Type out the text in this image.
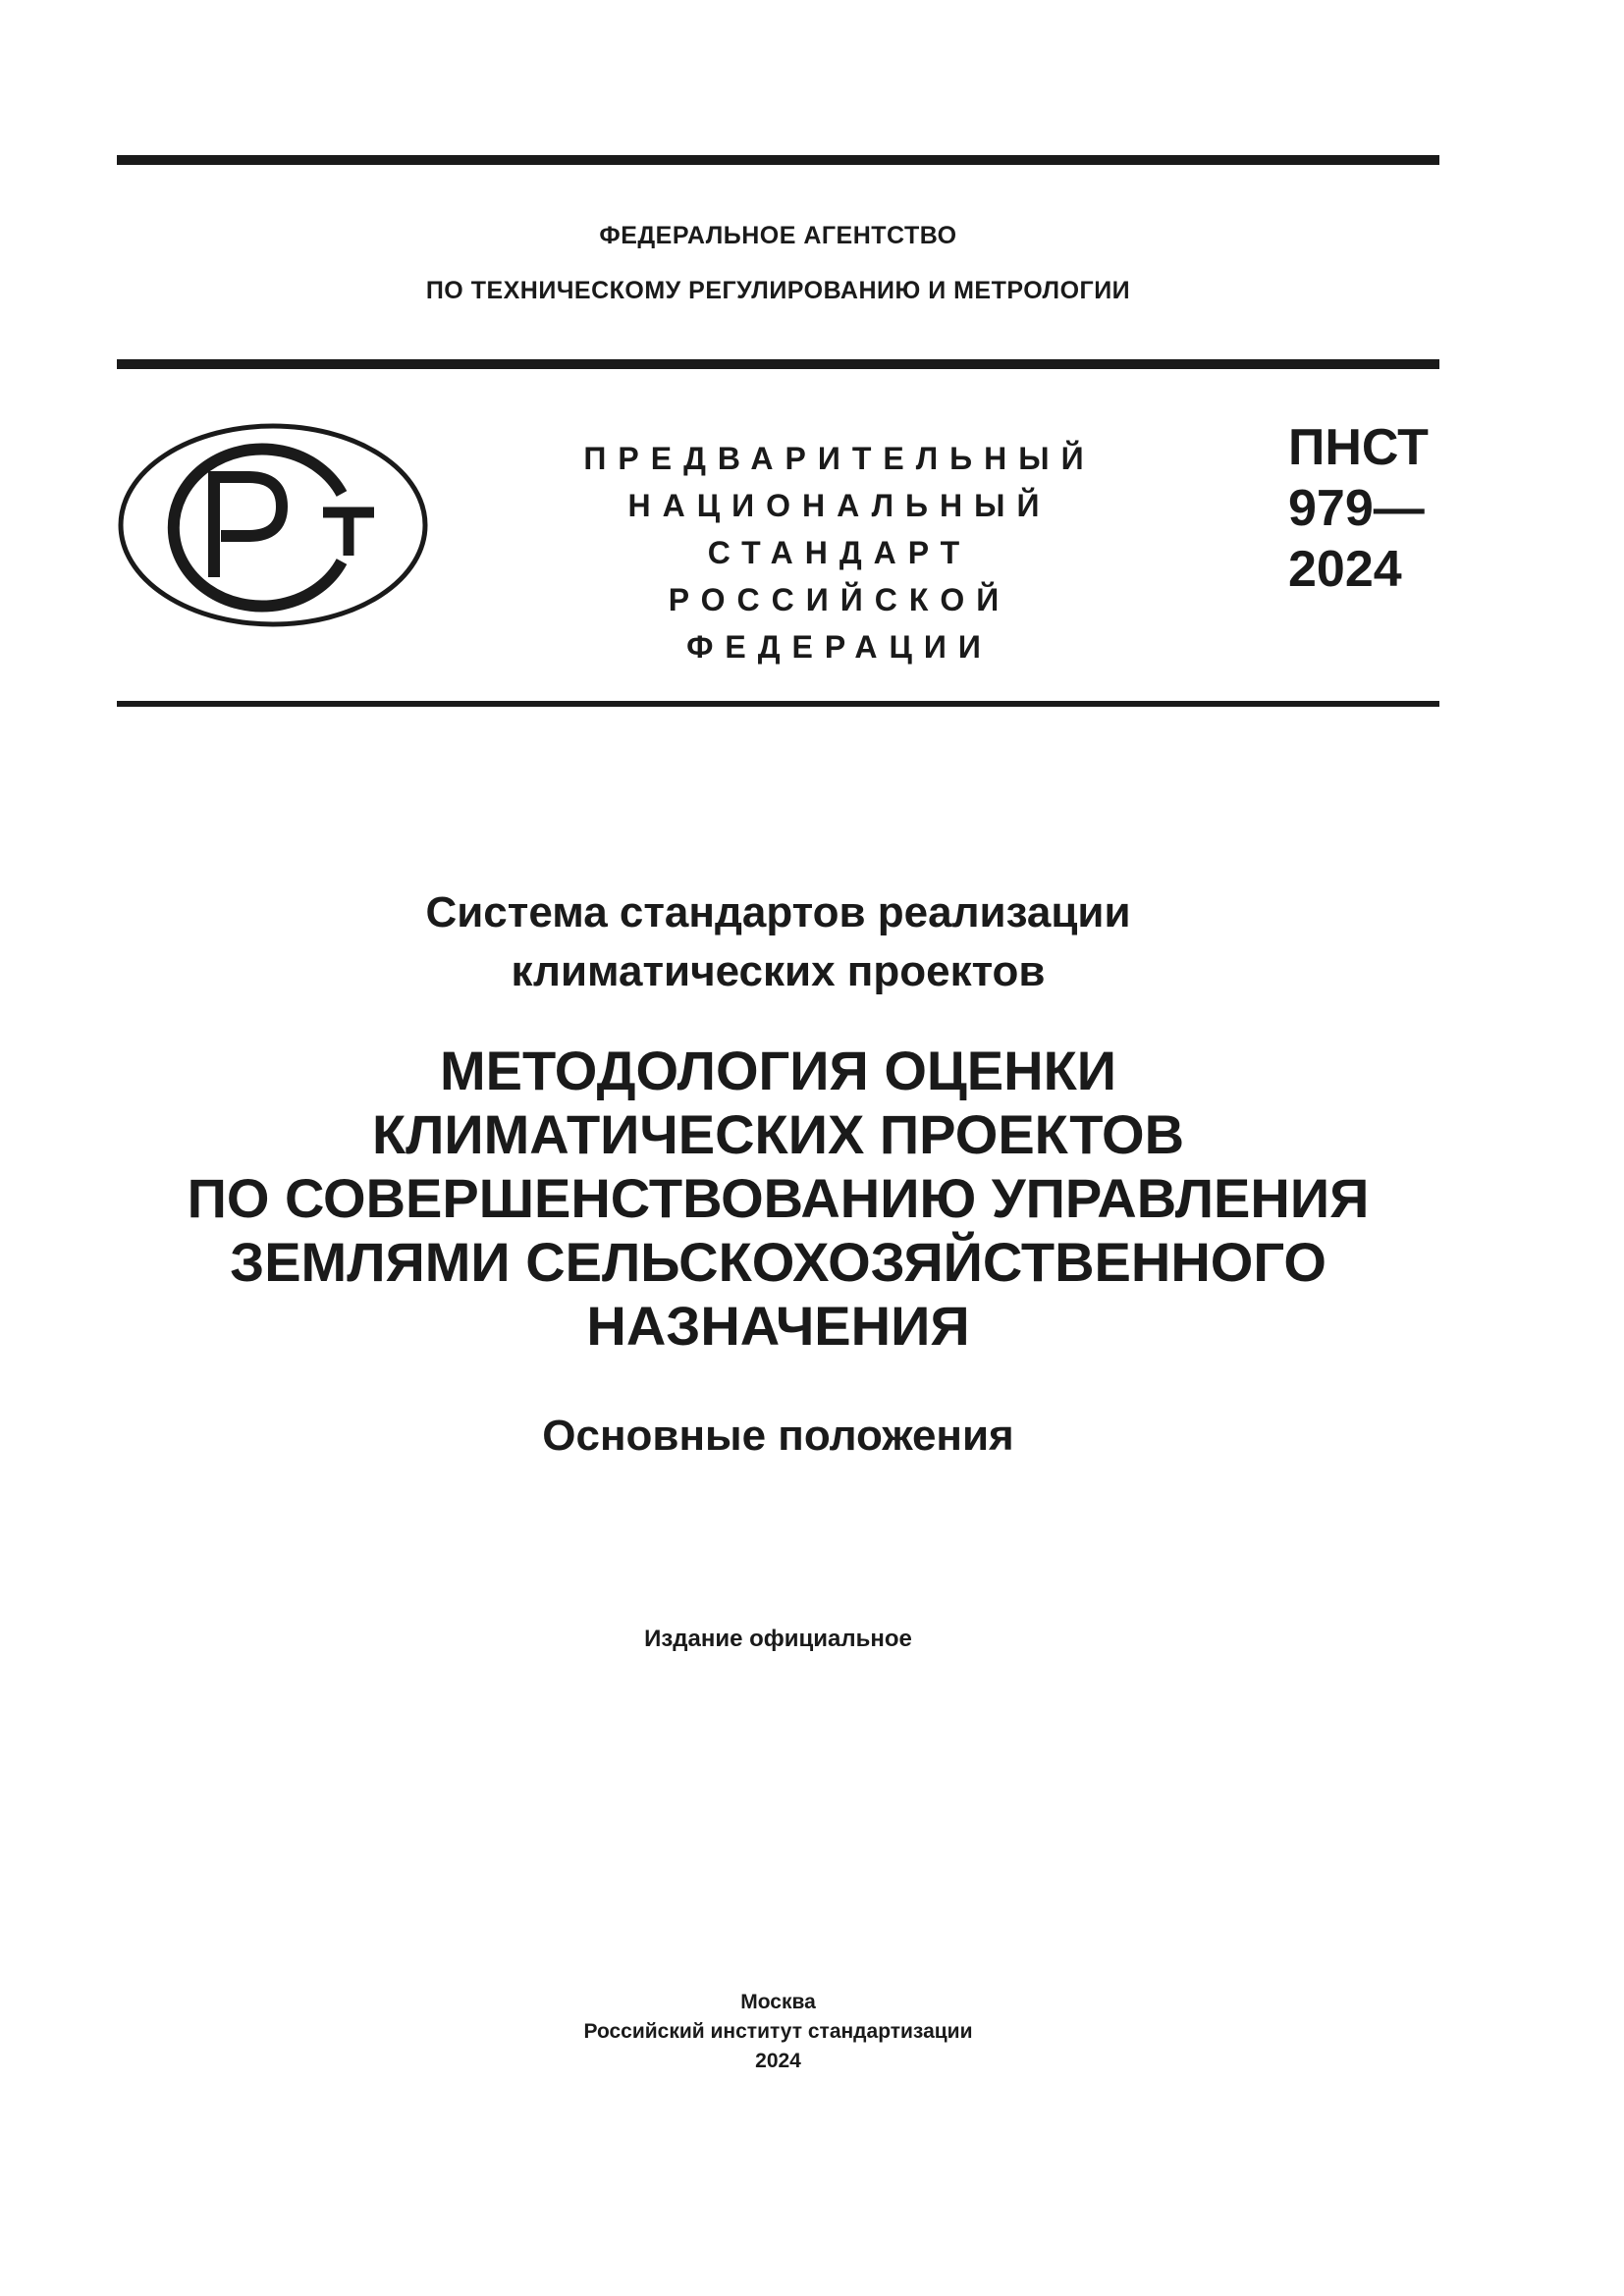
ФЕДЕРАЛЬНОЕ АГЕНТСТВО
ПО ТЕХНИЧЕСКОМУ РЕГУЛИРОВАНИЮ И МЕТРОЛОГИИ
ПРЕДВАРИТЕЛЬНЫЙ
НАЦИОНАЛЬНЫЙ
СТАНДАРТ
РОССИЙСКОЙ
ФЕДЕРАЦИИ
ПНСТ
979—
2024
Система стандартов реализации
климатических проектов
МЕТОДОЛОГИЯ ОЦЕНКИ
КЛИМАТИЧЕСКИХ ПРОЕКТОВ
ПО СОВЕРШЕНСТВОВАНИЮ УПРАВЛЕНИЯ
ЗЕМЛЯМИ СЕЛЬСКОХОЗЯЙСТВЕННОГО
НАЗНАЧЕНИЯ
Основные положения
Издание официальное
Москва
Российский институт стандартизации
2024
